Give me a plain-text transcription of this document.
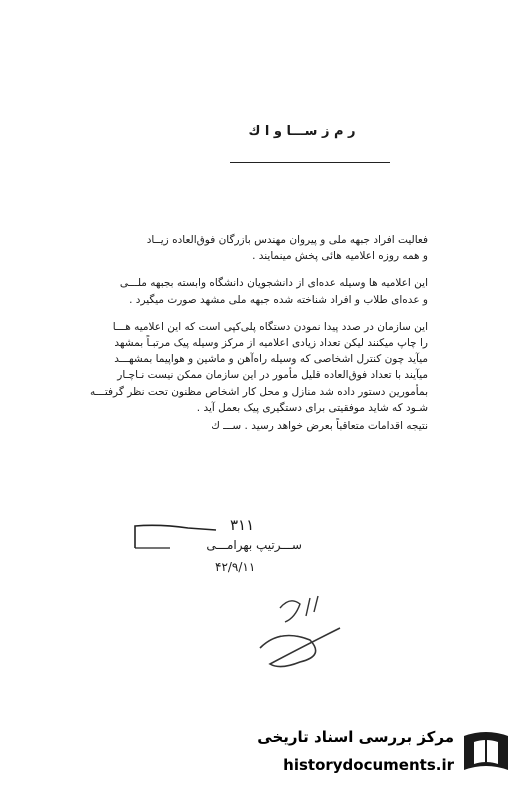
ر م ز ســـا و ا ك
فعالیت افراد جبهه ملی و پیروان مهندس بازرگان فوق‌العاده زیــاد
و همه روزه اعلامیه هائی پخش مینمایند .
این اعلامیه ها وسیله عده‌ای از دانشجویان دانشگاه وابسته بجبهه ملـــی
و عده‌ای طلاب و افراد شناخته شده جبهه ملی مشهد صورت میگیرد .
این سازمان در صدد پیدا نمودن دستگاه پلی‌کپی است که این اعلامیه هـــا
را چاپ میکنند لیکن تعداد زیادی اعلامیه از مرکز وسیله پیک مرتبـاً بمشهد
میآید چون کنترل اشخاصی که وسیله راه‌آهن و ماشین و هواپیما بمشهـــد
میآیند با تعداد فوق‌العاده قلیل مأمور در این سازمان ممکن نیست نـاچـار
بمأمورین دستور داده شد منازل و محل کار اشخاص مظنون تحت نظر گرفتـــه
شـود که شاید موفقیتی برای دستگیری پیک بعمل آید .
نتیجه اقدامات متعاقباً بعرض خواهد رسید . ســـ ك
۳۱۱
ســـرتیپ بهرامـــی
۴۲/۹/۱۱
مرکز بررسی اسناد تاریخی
historydocuments.ir
